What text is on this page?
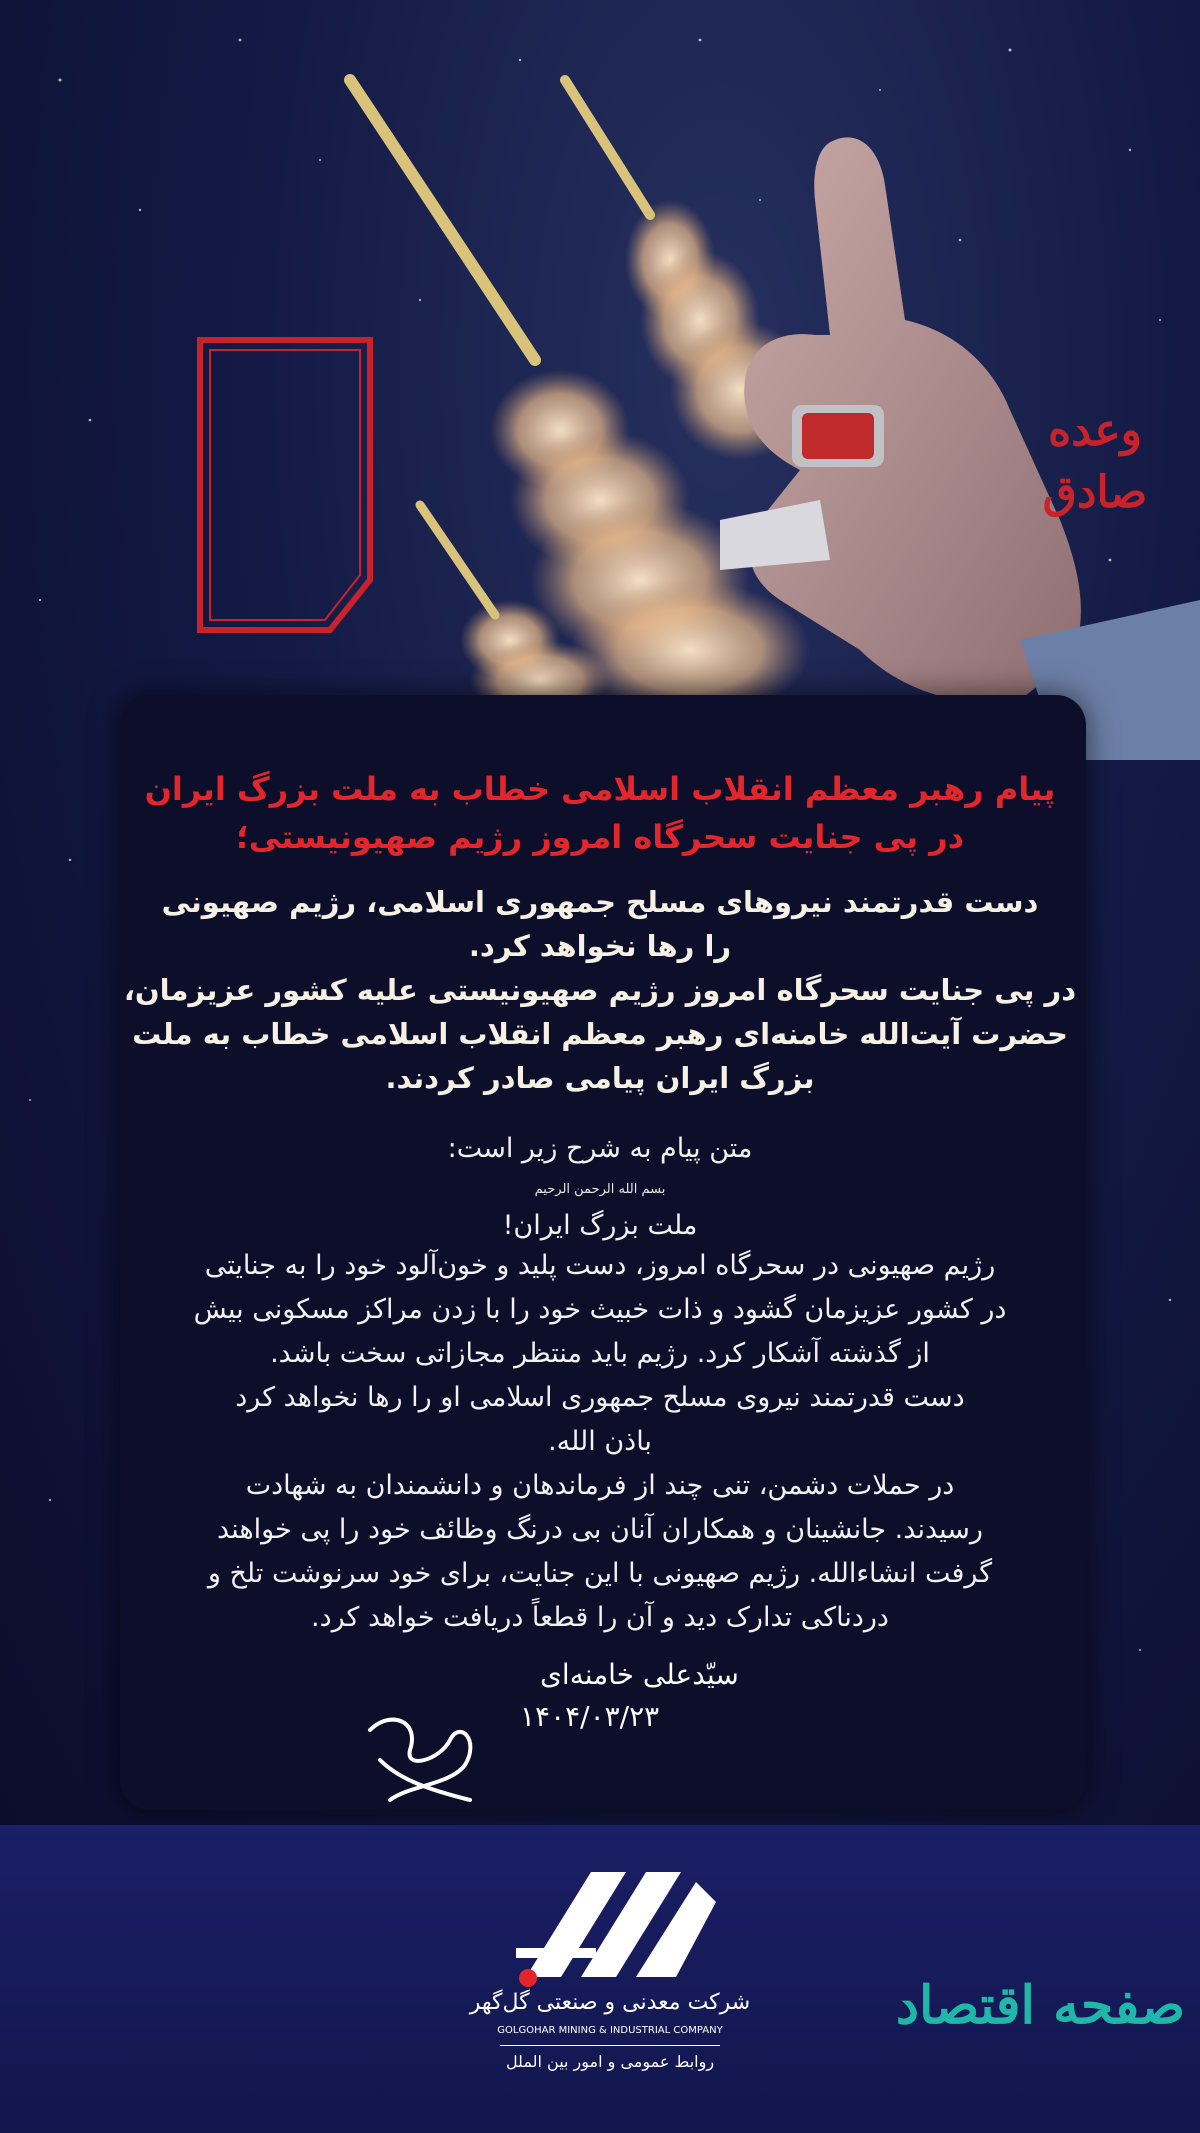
وعده صادق
پیام رهبر معظم انقلاب اسلامی خطاب به ملت بزرگ ایران
در پی جنایت سحرگاه امروز رژیم صهیونیستی؛
دست قدرتمند نیروهای مسلح جمهوری اسلامی، رژیم صهیونی
را رها نخواهد کرد.
در پی جنایت سحرگاه امروز رژیم صهیونیستی علیه کشور عزیزمان،
حضرت آیت‌الله خامنه‌ای رهبر معظم انقلاب اسلامی خطاب به ملت
بزرگ ایران پیامی صادر کردند.
بسم الله الرحمن الرحیم
متن پیام به شرح زیر است:
ملت بزرگ ایران!
رژیم صهیونی در سحرگاه امروز، دست پلید و خون‌آلود خود را به جنایتی
در کشور عزیزمان گشود و ذات خبیث خود را با زدن مراکز مسکونی بیش
از گذشته آشکار کرد. رژیم باید منتظر مجازاتی سخت باشد.
دست قدرتمند نیروی مسلح جمهوری اسلامی او را رها نخواهد کرد
باذن الله.
در حملات دشمن، تنی چند از فرماندهان و دانشمندان به شهادت
رسیدند. جانشینان و همکاران آنان بی درنگ وظائف خود را پی خواهند
گرفت انشاءالله. رژیم صهیونی با این جنایت، برای خود سرنوشت تلخ و
دردناکی تدارک دید و آن را قطعاً دریافت خواهد کرد.
سیّدعلی خامنه‌ای
۱۴۰۴/۰۳/۲۳
شرکت معدنی و صنعتی گل‌گهر
GOLGOHAR MINING & INDUSTRIAL COMPANY
روابط عمومی و امور بین الملل
صفحه اقتصاد
